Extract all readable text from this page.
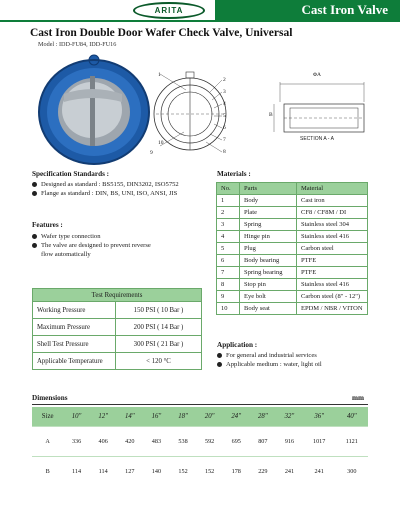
ARITA	Cast Iron Valve
Cast Iron Double Door Wafer Check Valve, Universal
Model : IDD-FU84, IDD-FU16
1
2
3
4
5
6
7
8
9
10
ΦA
B
SECTION A - A
Specification Standards :
Designed as standard : BS5155, DIN3202, ISO5752
Flange as standard : DIN, BS, UNI, ISO, ANSI, JIS
Features :
Wafer type connection
The valve are designed to prevent reverse
flow automatically
Materials :
No.	Parts	Material
1	Body	Cast iron
2	Plate	CF8 / CF8M / DI
3	Spring	Stainless steel 304
4	Hinge pin	Stainless steel 416
5	Plug	Carbon steel
6	Body bearing	PTFE
7	Spring bearing	PTFE
8	Stop pin	Stainless steel 416
9	Eye bolt	Carbon steel (8" - 12")
10	Body seat	EPDM / NBR / VITON
Test Requirements	
Working Pressure	150 PSI ( 10 Bar )
Maximum Pressure	200 PSI ( 14 Bar )
Shell Test Pressure	300 PSI ( 21 Bar )
Applicable Temperature	< 120 °C
Application :
For general and industrial services
Applicable medium : water, light oil
Dimensions	mm
Size	10"	12"	14"	16"	18"	20"	24"	28"	32"	36"	40"
A	336	406	420	483	538	592	695	807	916	1017	1121
B	114	114	127	140	152	152	178	229	241	241	300
